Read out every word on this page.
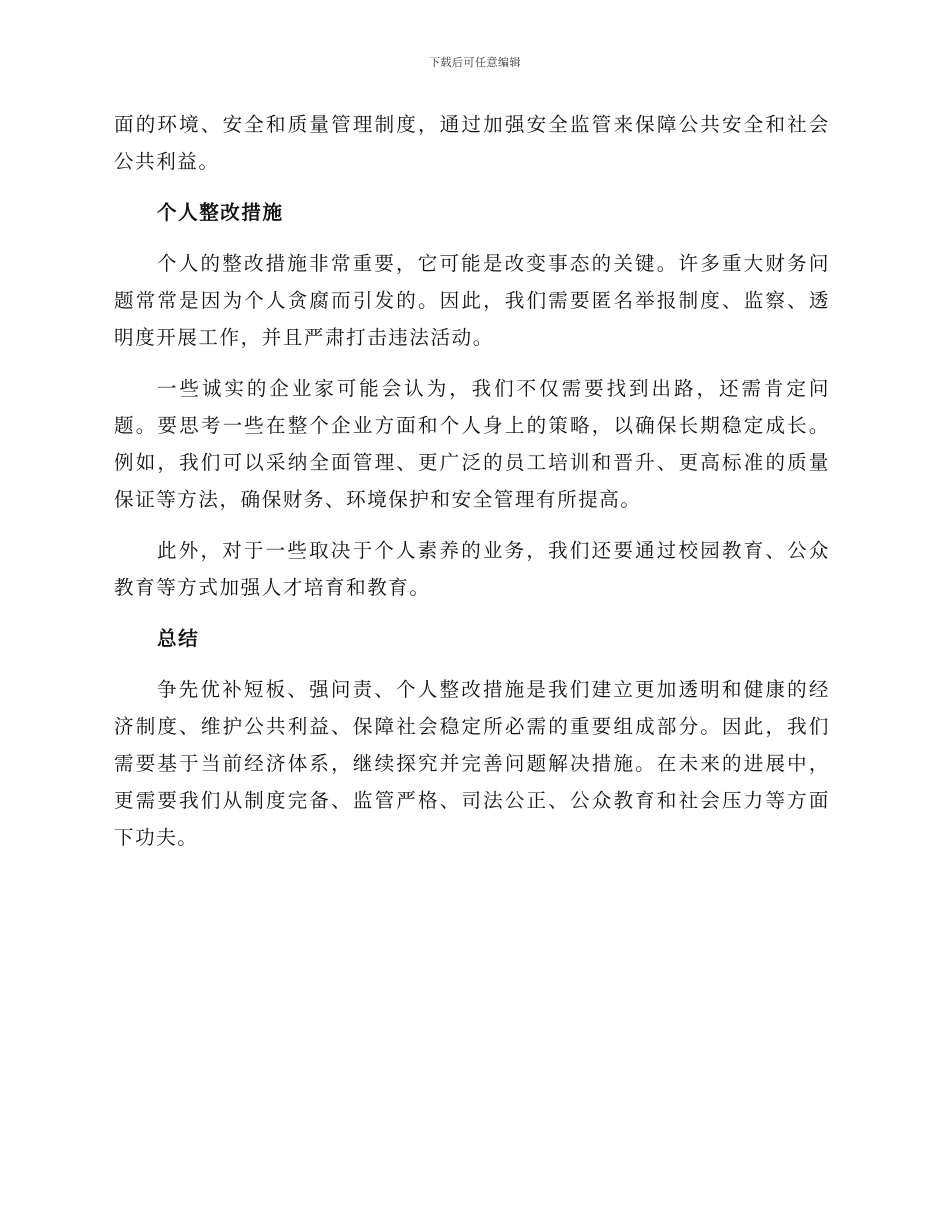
下载后可任意编辑

面的环境、安全和质量管理制度，通过加强安全监管来保障公共安全和社会公共利益。

个人整改措施

个人的整改措施非常重要，它可能是改变事态的关键。许多重大财务问题常常是因为个人贪腐而引发的。因此，我们需要匿名举报制度、监察、透明度开展工作，并且严肃打击违法活动。

一些诚实的企业家可能会认为，我们不仅需要找到出路，还需肯定问题。要思考一些在整个企业方面和个人身上的策略，以确保长期稳定成长。例如，我们可以采纳全面管理、更广泛的员工培训和晋升、更高标准的质量保证等方法，确保财务、环境保护和安全管理有所提高。

此外，对于一些取决于个人素养的业务，我们还要通过校园教育、公众教育等方式加强人才培育和教育。

总结

争先优补短板、强问责、个人整改措施是我们建立更加透明和健康的经济制度、维护公共利益、保障社会稳定所必需的重要组成部分。因此，我们需要基于当前经济体系，继续探究并完善问题解决措施。在未来的进展中，更需要我们从制度完备、监管严格、司法公正、公众教育和社会压力等方面下功夫。
